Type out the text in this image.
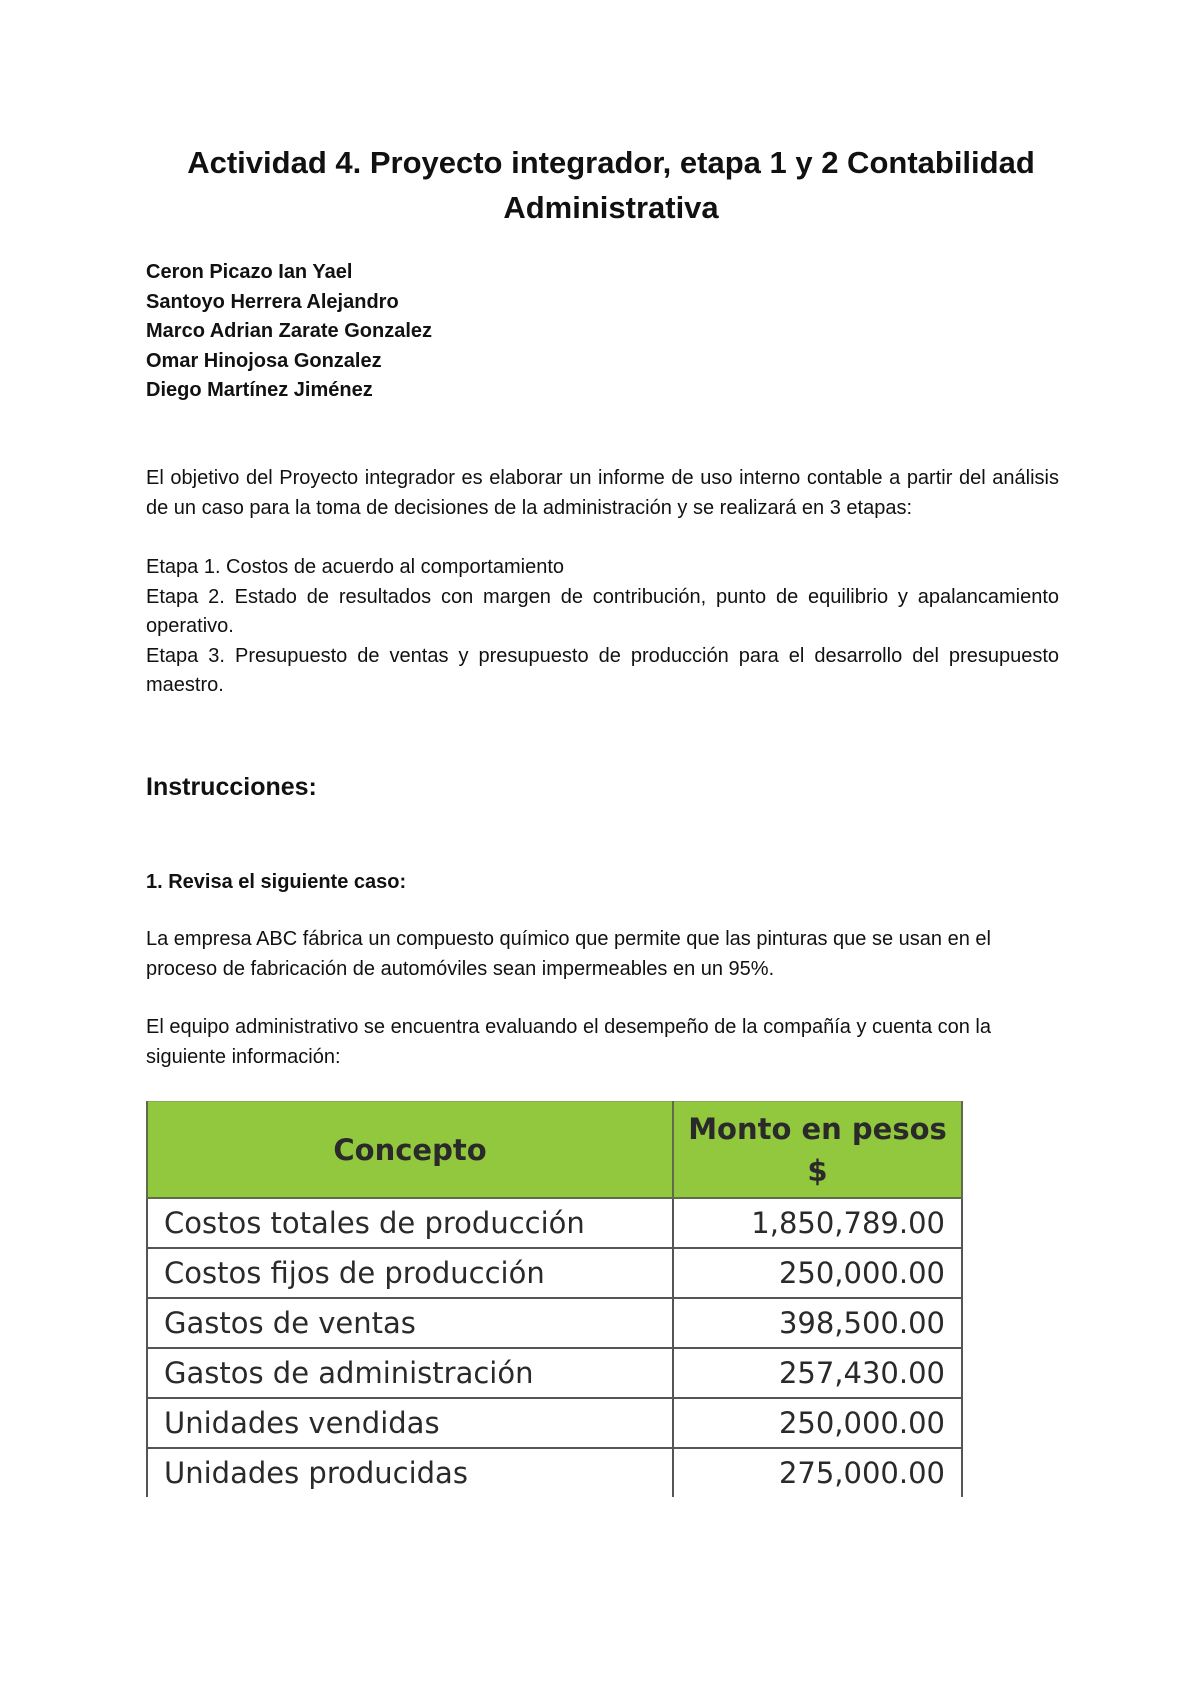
Actividad 4. Proyecto integrador, etapa 1 y 2 Contabilidad
Administrativa
Ceron Picazo Ian Yael
Santoyo Herrera Alejandro
Marco Adrian Zarate Gonzalez
Omar Hinojosa Gonzalez
Diego Martínez Jiménez

El objetivo del Proyecto integrador es elaborar un informe de uso interno contable a partir del análisis de un caso para la toma de decisiones de la administración y se realizará en 3 etapas:

Etapa 1. Costos de acuerdo al comportamiento

Etapa 2. Estado de resultados con margen de contribución, punto de equilibrio y apalancamiento operativo.

Etapa 3. Presupuesto de ventas y presupuesto de producción para el desarrollo del presupuesto maestro.

Instrucciones:
1. Revisa el siguiente caso:

La empresa ABC fábrica un compuesto químico que permite que las pinturas que se usan en el proceso de fabricación de automóviles sean impermeables en un 95%.

El equipo administrativo se encuentra evaluando el desempeño de la compañía y cuenta con la siguiente información:

Concepto	Monto en pesos
$
Costos totales de producción	1,850,789.00
Costos fijos de producción	250,000.00
Gastos de ventas	398,500.00
Gastos de administración	257,430.00
Unidades vendidas	250,000.00
Unidades producidas	275,000.00
